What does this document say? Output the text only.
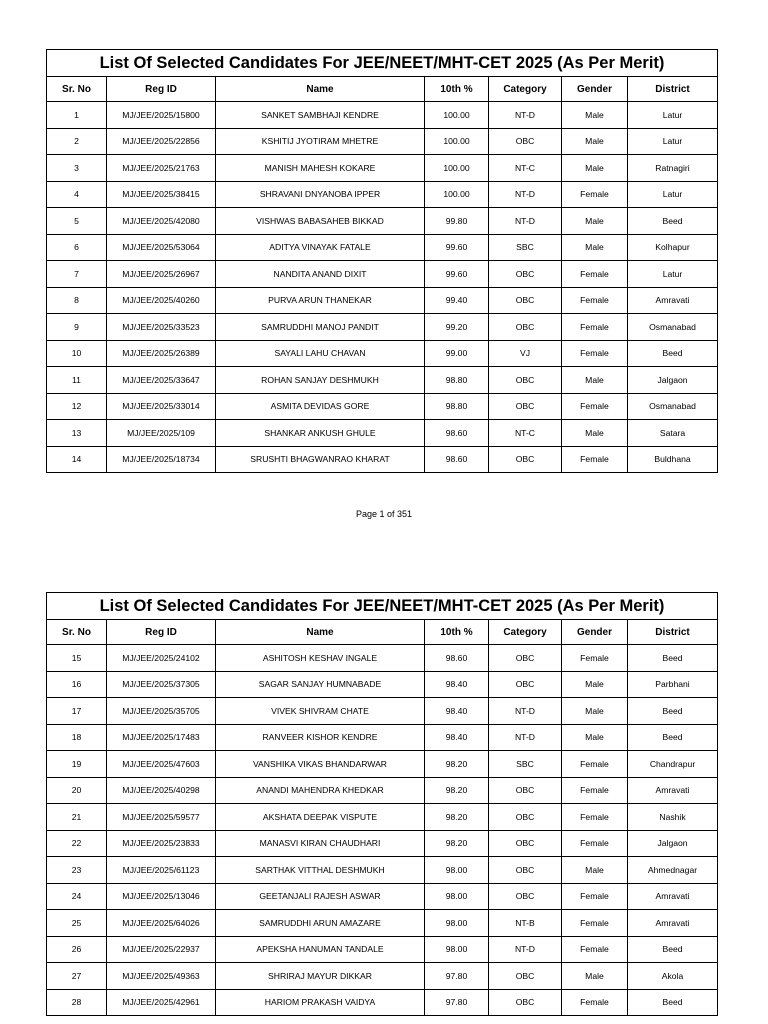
List Of Selected Candidates For JEE/NEET/MHT-CET 2025 (As Per Merit)						
Sr. No	Reg ID	Name	10th %	Category	Gender	District
1	MJ/JEE/2025/15800	SANKET SAMBHAJI KENDRE	100.00	NT-D	Male	Latur
2	MJ/JEE/2025/22856	KSHITIJ JYOTIRAM MHETRE	100.00	OBC	Male	Latur
3	MJ/JEE/2025/21763	MANISH MAHESH KOKARE	100.00	NT-C	Male	Ratnagiri
4	MJ/JEE/2025/38415	SHRAVANI DNYANOBA IPPER	100.00	NT-D	Female	Latur
5	MJ/JEE/2025/42080	VISHWAS BABASAHEB BIKKAD	99.80	NT-D	Male	Beed
6	MJ/JEE/2025/53064	ADITYA VINAYAK FATALE	99.60	SBC	Male	Kolhapur
7	MJ/JEE/2025/26967	NANDITA ANAND DIXIT	99.60	OBC	Female	Latur
8	MJ/JEE/2025/40260	PURVA ARUN THANEKAR	99.40	OBC	Female	Amravati
9	MJ/JEE/2025/33523	SAMRUDDHI MANOJ PANDIT	99.20	OBC	Female	Osmanabad
10	MJ/JEE/2025/26389	SAYALI LAHU CHAVAN	99.00	VJ	Female	Beed
11	MJ/JEE/2025/33647	ROHAN SANJAY DESHMUKH	98.80	OBC	Male	Jalgaon
12	MJ/JEE/2025/33014	ASMITA DEVIDAS GORE	98.80	OBC	Female	Osmanabad
13	MJ/JEE/2025/109	SHANKAR ANKUSH GHULE	98.60	NT-C	Male	Satara
14	MJ/JEE/2025/18734	SRUSHTI BHAGWANRAO KHARAT	98.60	OBC	Female	Buldhana
Page 1 of 351
List Of Selected Candidates For JEE/NEET/MHT-CET 2025 (As Per Merit)						
Sr. No	Reg ID	Name	10th %	Category	Gender	District
15	MJ/JEE/2025/24102	ASHITOSH KESHAV INGALE	98.60	OBC	Female	Beed
16	MJ/JEE/2025/37305	SAGAR SANJAY HUMNABADE	98.40	OBC	Male	Parbhani
17	MJ/JEE/2025/35705	VIVEK SHIVRAM CHATE	98.40	NT-D	Male	Beed
18	MJ/JEE/2025/17483	RANVEER KISHOR KENDRE	98.40	NT-D	Male	Beed
19	MJ/JEE/2025/47603	VANSHIKA VIKAS BHANDARWAR	98.20	SBC	Female	Chandrapur
20	MJ/JEE/2025/40298	ANANDI MAHENDRA KHEDKAR	98.20	OBC	Female	Amravati
21	MJ/JEE/2025/59577	AKSHATA DEEPAK VISPUTE	98.20	OBC	Female	Nashik
22	MJ/JEE/2025/23833	MANASVI KIRAN CHAUDHARI	98.20	OBC	Female	Jalgaon
23	MJ/JEE/2025/61123	SARTHAK VITTHAL DESHMUKH	98.00	OBC	Male	Ahmednagar
24	MJ/JEE/2025/13046	GEETANJALI RAJESH ASWAR	98.00	OBC	Female	Amravati
25	MJ/JEE/2025/64026	SAMRUDDHI ARUN AMAZARE	98.00	NT-B	Female	Amravati
26	MJ/JEE/2025/22937	APEKSHA HANUMAN TANDALE	98.00	NT-D	Female	Beed
27	MJ/JEE/2025/49363	SHRIRAJ MAYUR DIKKAR	97.80	OBC	Male	Akola
28	MJ/JEE/2025/42961	HARIOM PRAKASH VAIDYA	97.80	OBC	Female	Beed
